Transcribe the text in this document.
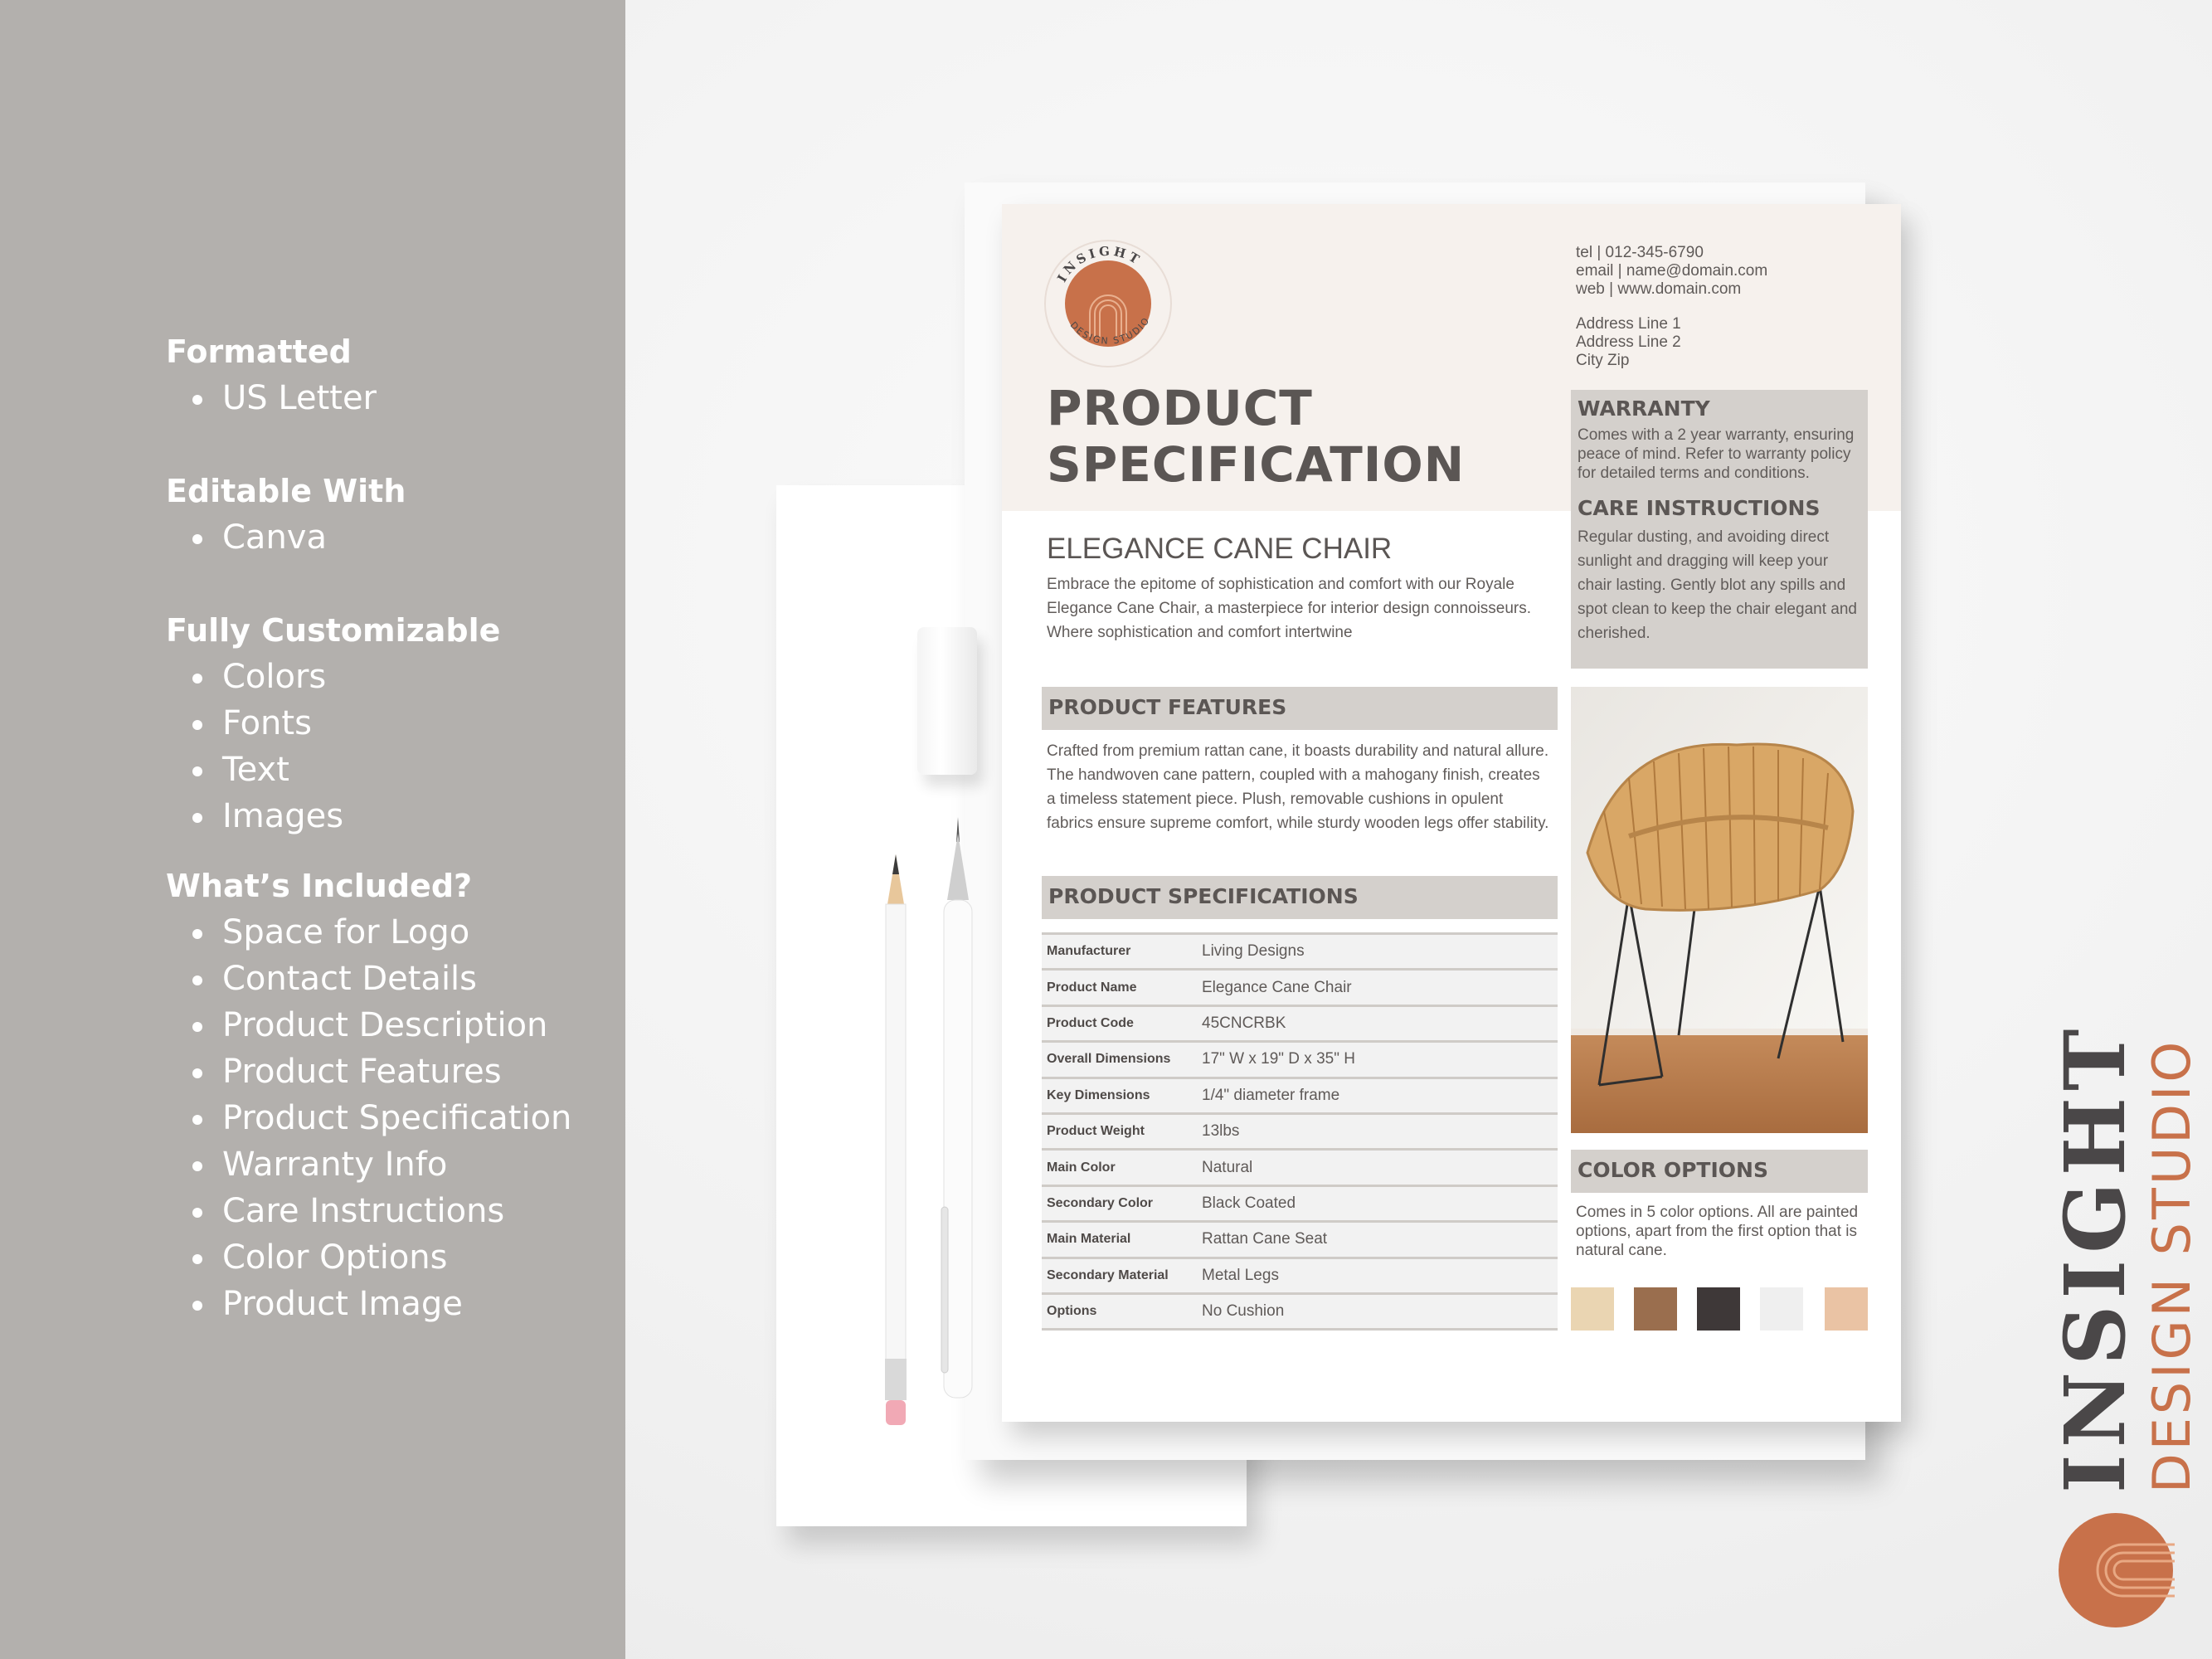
Formatted
US Letter
Editable With
Canva
Fully Customizable
Colors
Fonts
Text
Images
What’s Included?
Space for Logo
Contact Details
Product Description
Product Features
Product Specification
Warranty Info
Care Instructions
Color Options
Product Image
INSIGHT
DESIGN STUDIO
PRODUCT
SPECIFICATION
tel | 012-345-6790
email | name@domain.com
web | www.domain.com
Address Line 1
Address Line 2
City Zip
WARRANTY
Comes with a 2 year warranty, ensuring peace of mind. Refer to warranty policy for detailed terms and conditions.
CARE INSTRUCTIONS
Regular dusting, and avoiding direct sunlight and dragging will keep your chair lasting. Gently blot any spills and spot clean to keep the chair elegant and cherished.
ELEGANCE CANE CHAIR
Embrace the epitome of sophistication and comfort with our Royale Elegance Cane Chair, a masterpiece for interior design connoisseurs.
Where sophistication and comfort intertwine
PRODUCT FEATURES
Crafted from premium rattan cane, it boasts durability and natural allure. The handwoven cane pattern, coupled with a mahogany finish, creates a timeless statement piece. Plush, removable cushions in opulent fabrics ensure supreme comfort, while sturdy wooden legs offer stability.
PRODUCT SPECIFICATIONS
Manufacturer	Living Designs
Product Name	Elegance Cane Chair
Product Code	45CNCRBK
Overall Dimensions	17" W x 19" D x 35" H
Key Dimensions	1/4" diameter frame
Product Weight	13lbs
Main Color	Natural
Secondary Color	Black Coated
Main Material	Rattan Cane Seat
Secondary Material	Metal Legs
Options	No Cushion
COLOR OPTIONS
Comes in 5 color options. All are painted options, apart from the first option that is natural cane.	INSIGHT
DESIGN STUDIO
